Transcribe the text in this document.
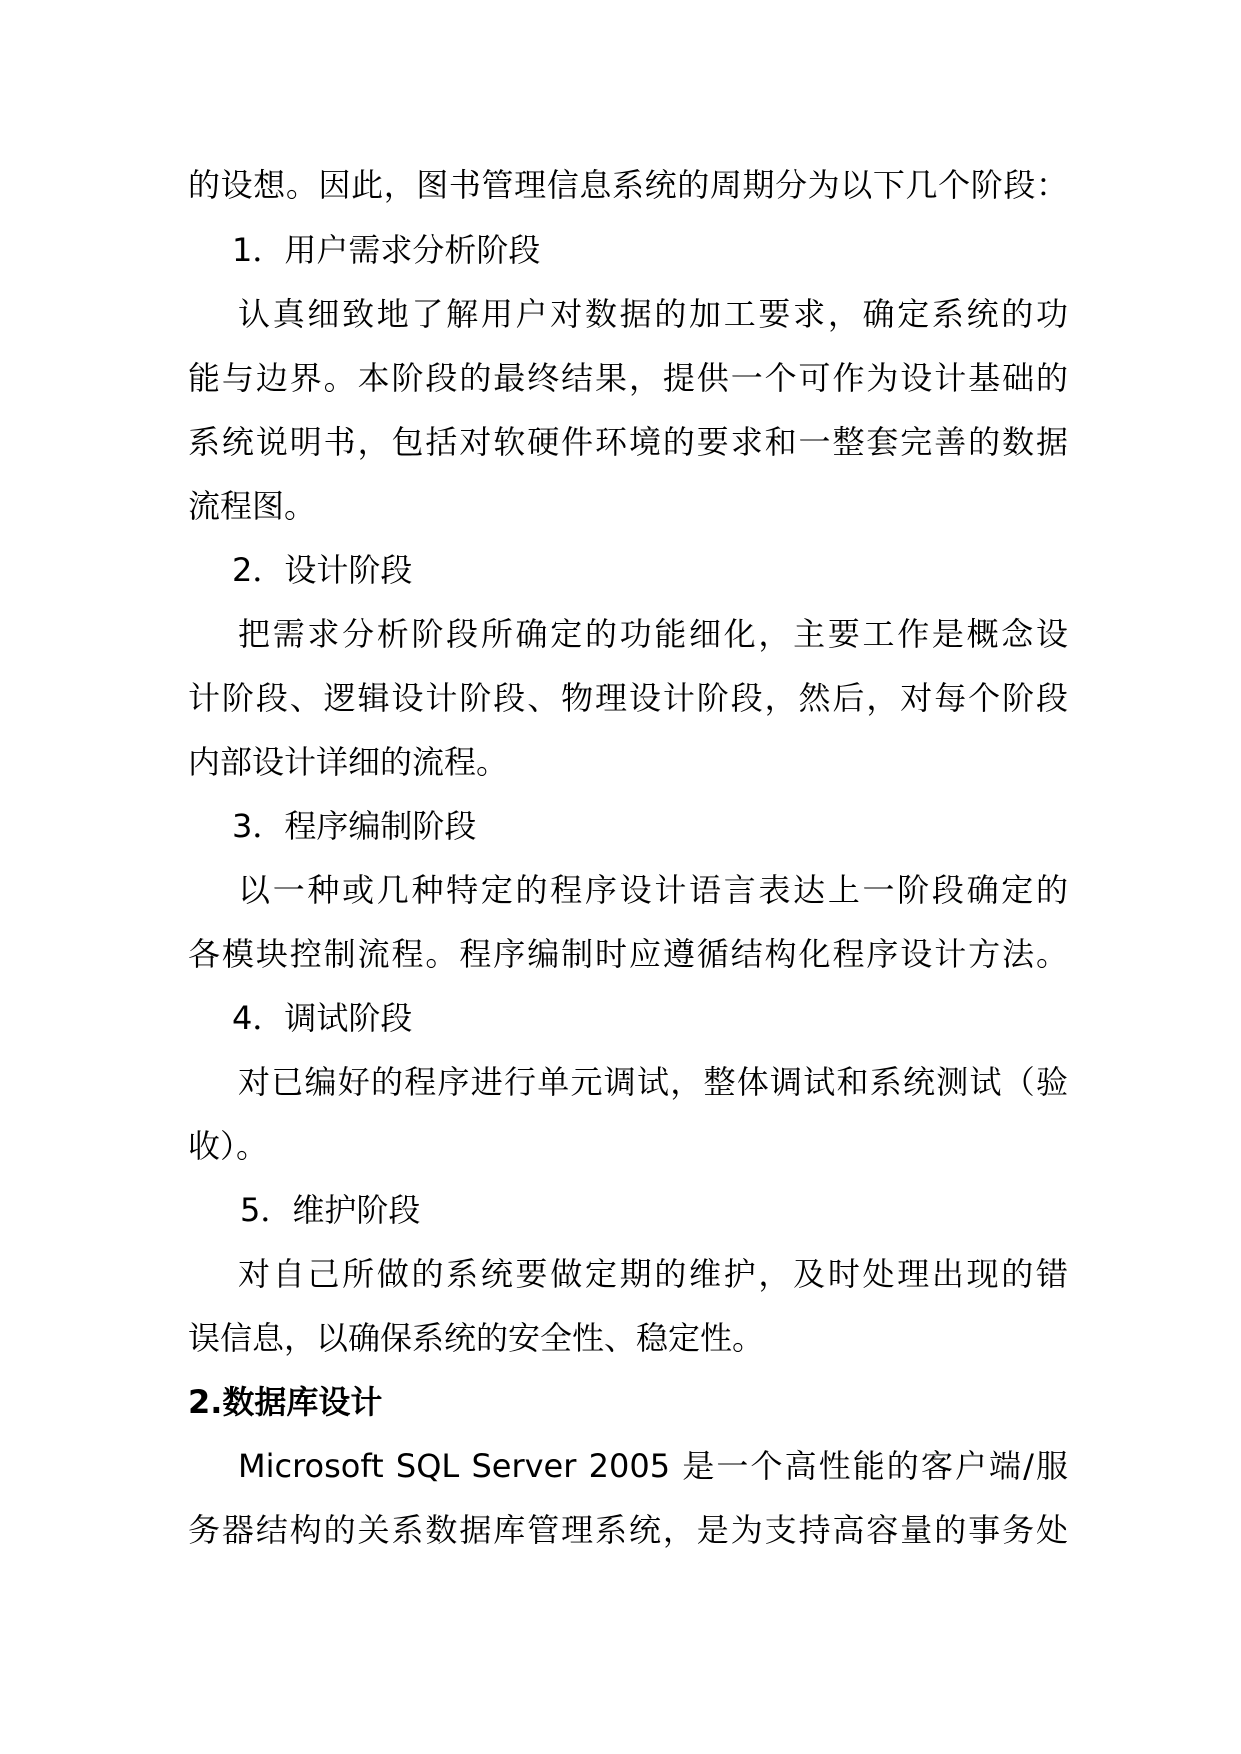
的设想。因此，图书管理信息系统的周期分为以下几个阶段：
1．用户需求分析阶段
认真细致地了解用户对数据的加工要求，确定系统的功
能与边界。本阶段的最终结果，提供一个可作为设计基础的
系统说明书，包括对软硬件环境的要求和一整套完善的数据
流程图。
2．设计阶段
把需求分析阶段所确定的功能细化，主要工作是概念设
计阶段、逻辑设计阶段、物理设计阶段，然后，对每个阶段
内部设计详细的流程。
3．程序编制阶段
以一种或几种特定的程序设计语言表达上一阶段确定的
各模块控制流程。程序编制时应遵循结构化程序设计方法。
4．调试阶段
对已编好的程序进行单元调试，整体调试和系统测试（验
收）。
5．维护阶段
对自己所做的系统要做定期的维护，及时处理出现的错
误信息，以确保系统的安全性、稳定性。
2.数据库设计
Microsoft SQL Server 2005 是一个高性能的客户端/服
务器结构的关系数据库管理系统，是为支持高容量的事务处
